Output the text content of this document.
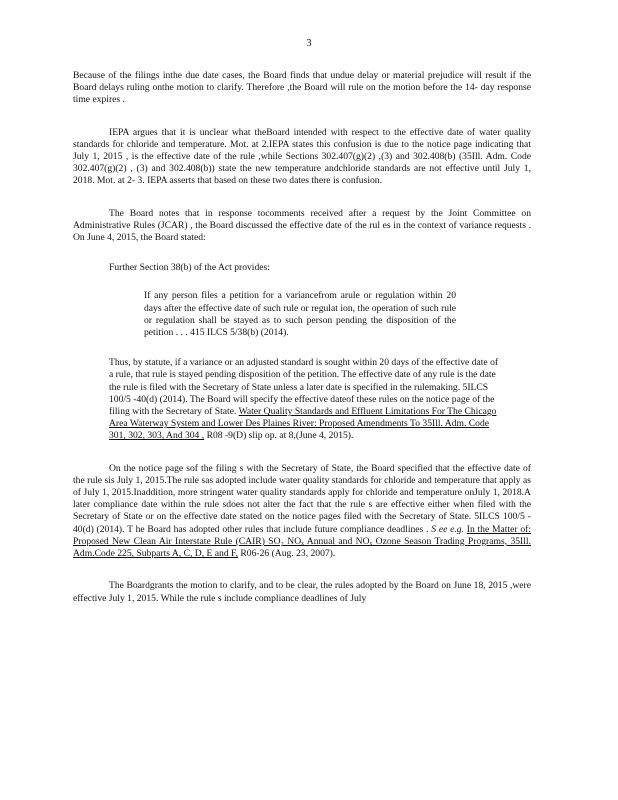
3

Because of the filings inthe due date cases, the Board finds that undue delay or material prejudice will result if the Board delays ruling onthe motion to clarify. Therefore ,the Board will rule on the motion before the 14- day response time expires .

IEPA argues that it is unclear what theBoard intended with respect to the effective date of water quality standards for chloride and temperature. Mot. at 2.IEPA states this confusion is due to the notice page indicating that July 1, 2015 , is the effective date of the rule ,while Sections 302.407(g)(2) ,(3) and 302.408(b) (35Ill. Adm. Code 302.407(g)(2) , (3) and 302.408(b)) state the new temperature andchloride standards are not effective until July 1, 2018. Mot. at 2- 3. IEPA asserts that based on these two dates there is confusion.

The Board notes that in response tocomments received after a request by the Joint Committee on Administrative Rules (JCAR) , the Board discussed the effective date of the rul es in the context of variance requests . On June 4, 2015, the Board stated:

Further Section 38(b) of the Act provides:

If any person files a petition for a variancefrom arule or regulation within 20 days after the effective date of such rule or regulat ion, the operation of such rule or regulation shall be stayed as to such person pending the disposition of the petition . . . 415 ILCS 5/38(b) (2014).

Thus, by statute, if a variance or an adjusted standard is sought within 20 days of the effective date of a rule, that rule is stayed pending disposition of the petition. The effective date of any rule is the date the rule is filed with the Secretary of State unless a later date is specified in the rulemaking. 5ILCS 100/5 -40(d) (2014). The Board will specify the effective dateof these rules on the notice page of the filing with the Secretary of State. Water Quality Standards and Effluent Limitations For The Chicago Area Waterway System and Lower Des Plaines River: Proposed Amendments To 35Ill. Adm. Code 301, 302, 303, And 304 , R08 -9(D) slip op. at 8,(June 4, 2015).

On the notice page sof the filing s with the Secretary of State, the Board specified that the effective date of the rule sis July 1, 2015.The rule sas adopted include water quality standards for chloride and temperature that apply as of July 1, 2015.Inaddition, more stringent water quality standards apply for chloride and temperature onJuly 1, 2018.A later compliance date within the rule sdoes not alter the fact that the rule s are effective either when filed with the Secretary of State or on the effective date stated on the notice pages filed with the Secretary of State. 5ILCS 100/5 - 40(d) (2014). T he Board has adopted other rules that include future compliance deadlines . S ee e.g. In the Matter of: Proposed New Clean Air Interstate Rule (CAIR) SO₂ NOₓ Annual and NOₓ Ozone Season Trading Programs, 35Ill. Adm.Code 225, Subparts A, C, D, E and F, R06-26 (Aug. 23, 2007).

The Boardgrants the motion to clarify, and to be clear, the rules adopted by the Board on June 18, 2015 ,were effective July 1, 2015. While the rule s include compliance deadlines of July
